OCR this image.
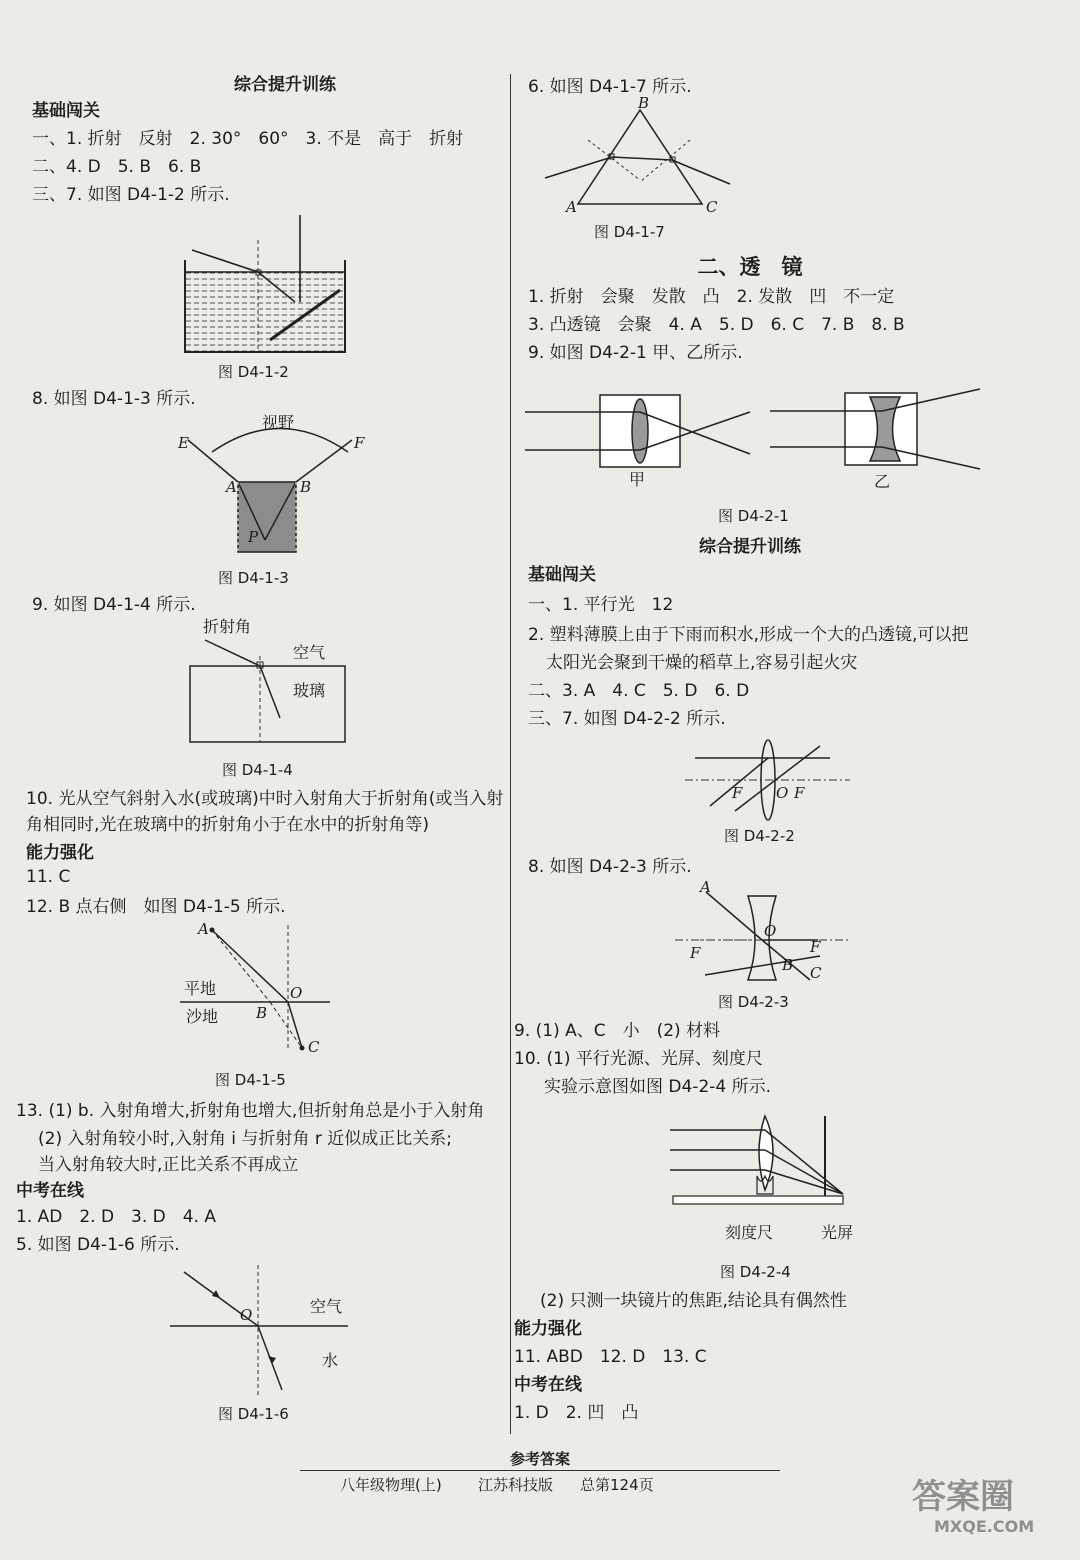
综合提升训练
基础闯关
一、1. 折射　反射　2. 30°　60°　3. 不是　高于　折射
二、4. D　5. B　6. B
三、7. 如图 D4-1-2 所示.
图 D4-1-2
8. 如图 D4-1-3 所示.
E	F
A	B
P
视野
图 D4-1-3
9. 如图 D4-1-4 所示.
折射角
空气
玻璃
图 D4-1-4
10. 光从空气斜射入水(或玻璃)中时入射角大于折射角(或当入射
角相同时,光在玻璃中的折射角小于在水中的折射角等)
能力强化
11. C
12. B 点右侧　如图 D4-1-5 所示.
A
O
B
C
平地
沙地
图 D4-1-5
13. (1) b. 入射角增大,折射角也增大,但折射角总是小于入射角
(2) 入射角较小时,入射角 i 与折射角 r 近似成正比关系;
当入射角较大时,正比关系不再成立
中考在线
1. AD　2. D　3. D　4. A
5. 如图 D4-1-6 所示.
O	空气
水
图 D4-1-6
6. 如图 D4-1-7 所示.
B
A	C
图 D4-1-7
二、透　镜
1. 折射　会聚　发散　凸　2. 发散　凹　不一定
3. 凸透镜　会聚　4. A　5. D　6. C　7. B　8. B
9. 如图 D4-2-1 甲、乙所示.
甲	乙
图 D4-2-1
综合提升训练
基础闯关
一、1. 平行光　12
2. 塑料薄膜上由于下雨而积水,形成一个大的凸透镜,可以把
太阳光会聚到干燥的稻草上,容易引起火灾
二、3. A　4. C　5. D　6. D
三、7. 如图 D4-2-2 所示.
F O F
图 D4-2-2
8. 如图 D4-2-3 所示.
A
O
F	F
C
B
图 D4-2-3
9. (1) A、C　小　(2) 材料
10. (1) 平行光源、光屏、刻度尺
实验示意图如图 D4-2-4 所示.
刻度尺	光屏
图 D4-2-4
(2) 只测一块镜片的焦距,结论具有偶然性
能力强化
11. ABD　12. D　13. C
中考在线
1. D　2. 凹　凸
参考答案
八年级物理(上) 江苏科技版 总第124页	答案圈
MXQE.COM
